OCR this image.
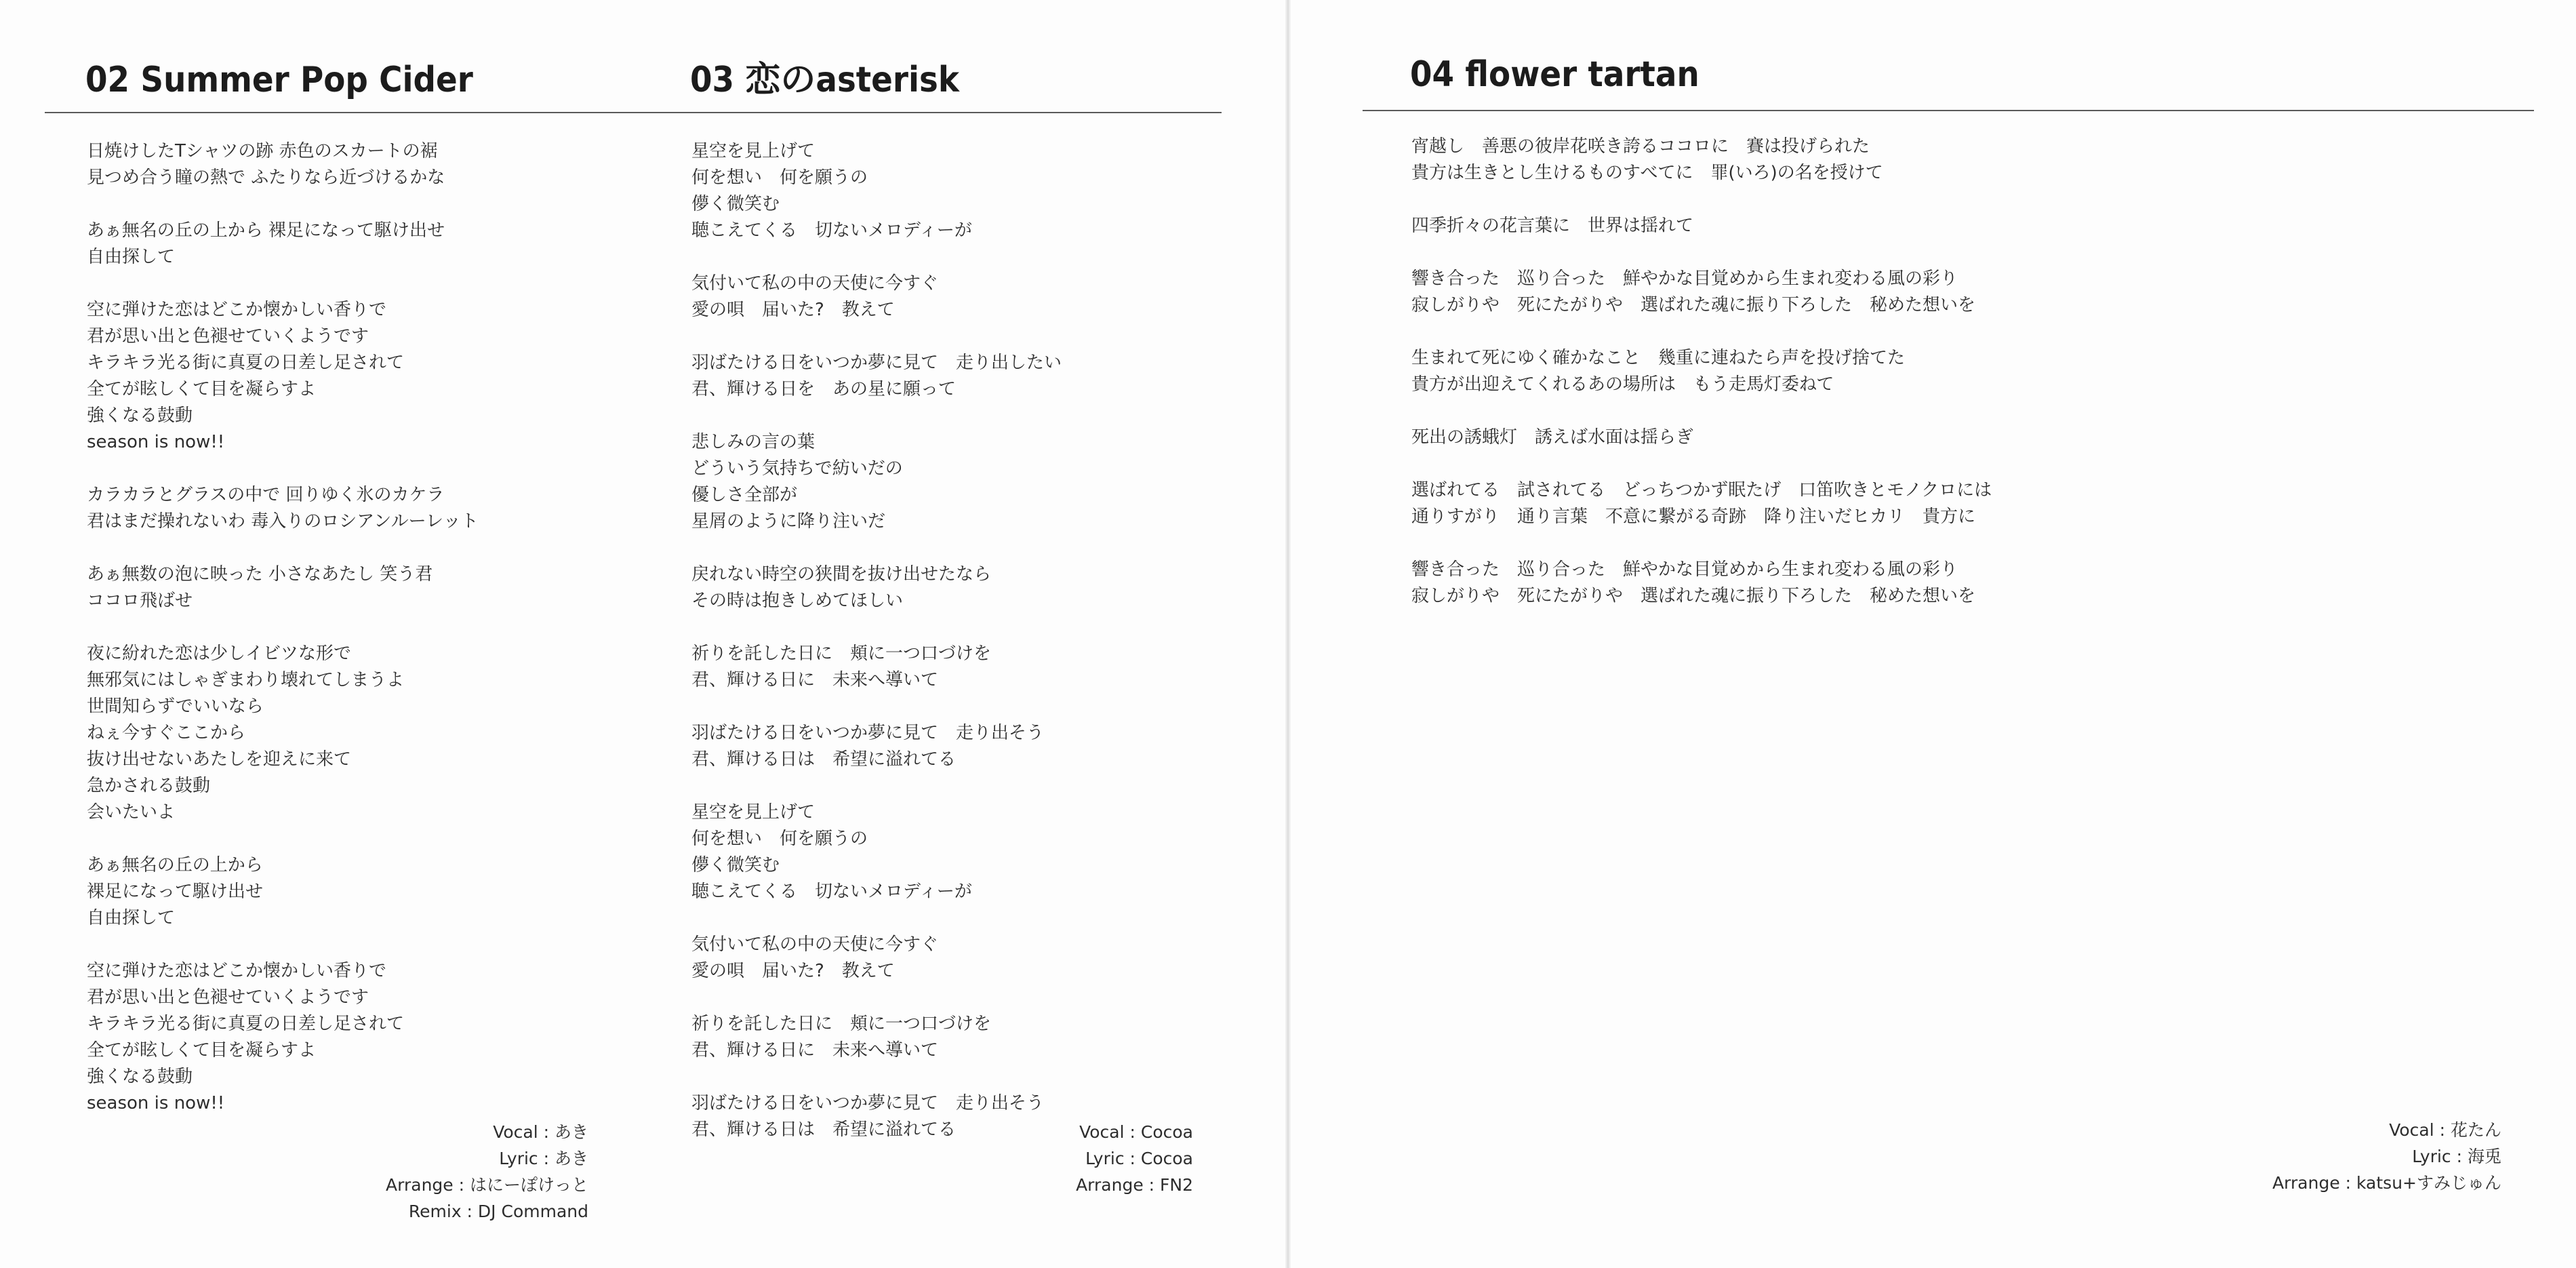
02 Summer Pop Cider
日焼けしたTシャツの跡 赤色のスカートの裾
見つめ合う瞳の熱で ふたりなら近づけるかな

あぁ無名の丘の上から 裸足になって駆け出せ
自由探して

空に弾けた恋はどこか懐かしい香りで
君が思い出と色褪せていくようです
キラキラ光る街に真夏の日差し足されて
全てが眩しくて目を凝らすよ
強くなる鼓動
season is now!!

カラカラとグラスの中で 回りゆく氷のカケラ
君はまだ操れないわ 毒入りのロシアンルーレット

あぁ無数の泡に映った 小さなあたし 笑う君
ココロ飛ばせ

夜に紛れた恋は少しイビツな形で
無邪気にはしゃぎまわり壊れてしまうよ
世間知らずでいいなら
ねぇ今すぐここから
抜け出せないあたしを迎えに来て
急かされる鼓動
会いたいよ

あぁ無名の丘の上から
裸足になって駆け出せ
自由探して

空に弾けた恋はどこか懐かしい香りで
君が思い出と色褪せていくようです
キラキラ光る街に真夏の日差し足されて
全てが眩しくて目を凝らすよ
強くなる鼓動
season is now!!
Vocal : あき
Lyric : あき
Arrange : はにーぽけっと
Remix : DJ Command
03 恋のasterisk
星空を見上げて
何を想い　何を願うの
儚く微笑む
聴こえてくる　切ないメロディーが

気付いて私の中の天使に今すぐ
愛の唄　届いた?　教えて

羽ばたける日をいつか夢に見て　走り出したい
君、輝ける日を　あの星に願って

悲しみの言の葉
どういう気持ちで紡いだの
優しさ全部が
星屑のように降り注いだ

戻れない時空の狭間を抜け出せたなら
その時は抱きしめてほしい

祈りを託した日に　頬に一つ口づけを
君、輝ける日に　未来へ導いて

羽ばたける日をいつか夢に見て　走り出そう
君、輝ける日は　希望に溢れてる

星空を見上げて
何を想い　何を願うの
儚く微笑む
聴こえてくる　切ないメロディーが

気付いて私の中の天使に今すぐ
愛の唄　届いた?　教えて

祈りを託した日に　頬に一つ口づけを
君、輝ける日に　未来へ導いて

羽ばたける日をいつか夢に見て　走り出そう
君、輝ける日は　希望に溢れてる	Vocal : Cocoa
Lyric : Cocoa
Arrange : FN2
04 flower tartan
宵越し　善悪の彼岸花咲き誇るココロに　賽は投げられた
貴方は生きとし生けるものすべてに　罪(いろ)の名を授けて

四季折々の花言葉に　世界は揺れて

響き合った　巡り合った　鮮やかな目覚めから生まれ変わる風の彩り
寂しがりや　死にたがりや　選ばれた魂に振り下ろした　秘めた想いを

生まれて死にゆく確かなこと　幾重に連ねたら声を投げ捨てた
貴方が出迎えてくれるあの場所は　もう走馬灯委ねて

死出の誘蛾灯　誘えば水面は揺らぎ

選ばれてる　試されてる　どっちつかず眠たげ　口笛吹きとモノクロには
通りすがり　通り言葉　不意に繋がる奇跡　降り注いだヒカリ　貴方に

響き合った　巡り合った　鮮やかな目覚めから生まれ変わる風の彩り
寂しがりや　死にたがりや　選ばれた魂に振り下ろした　秘めた想いを
Vocal : 花たん
Lyric : 海兎
Arrange : katsu+すみじゅん
